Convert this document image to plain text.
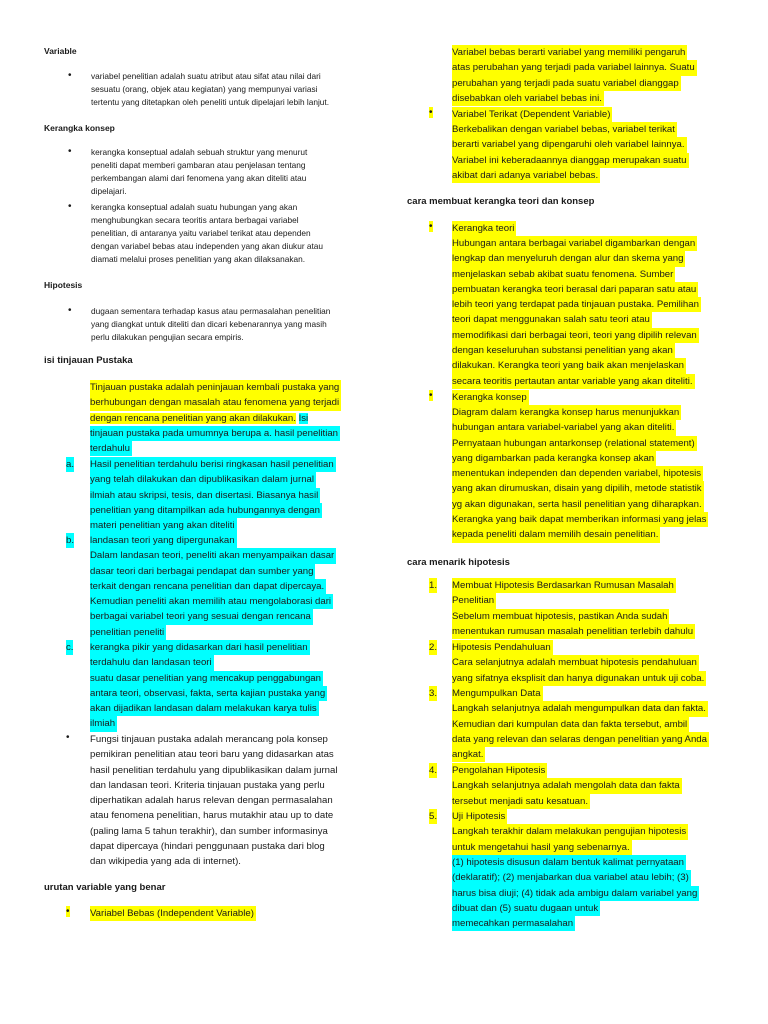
Variable
• variabel penelitian adalah suatu atribut atau sifat atau nilai dari
sesuatu (orang, objek atau kegiatan) yang mempunyai variasi
tertentu yang ditetapkan oleh peneliti untuk dipelajari lebih lanjut.
Kerangka konsep
• kerangka konseptual adalah sebuah struktur yang menurut
peneliti dapat memberi gambaran atau penjelasan tentang
perkembangan alami dari fenomena yang akan diteliti atau
dipelajari.
• kerangka konseptual adalah suatu hubungan yang akan
menghubungkan secara teoritis antara berbagai variabel
penelitian, di antaranya yaitu variabel terikat atau dependen
dengan variabel bebas atau independen yang akan diukur atau
diamati melalui proses penelitian yang akan dilaksanakan.
Hipotesis
• dugaan sementara terhadap kasus atau permasalahan penelitian
yang diangkat untuk diteliti dan dicari kebenarannya yang masih
perlu dilakukan pengujian secara empiris.
isi tinjauan Pustaka
Tinjauan pustaka adalah peninjauan kembali pustaka yang
berhubungan dengan masalah atau fenomena yang terjadi
dengan rencana penelitian yang akan dilakukan. Isi
tinjauan pustaka pada umumnya berupa a. hasil penelitian
terdahulu
a. Hasil penelitian terdahulu berisi ringkasan hasil penelitian
yang telah dilakukan dan dipublikasikan dalam jurnal
ilmiah atau skripsi, tesis, dan disertasi. Biasanya hasil
penelitian yang ditampilkan ada hubungannya dengan
materi penelitian yang akan diteliti
b. landasan teori yang dipergunakan
Dalam landasan teori, peneliti akan menyampaikan dasar
dasar teori dari berbagai pendapat dan sumber yang
terkait dengan rencana penelitian dan dapat dipercaya.
Kemudian peneliti akan memilih atau mengolaborasi dari
berbagai variabel teori yang sesuai dengan rencana
penelitian peneliti
c. kerangka pikir yang didasarkan dari hasil penelitian
terdahulu dan landasan teori
suatu dasar penelitian yang mencakup penggabungan
antara teori, observasi, fakta, serta kajian pustaka yang
akan dijadikan landasan dalam melakukan karya tulis
ilmiah
• Fungsi tinjauan pustaka adalah merancang pola konsep
pemikiran penelitian atau teori baru yang didasarkan atas
hasil penelitian terdahulu yang dipublikasikan dalam jurnal
dan landasan teori. Kriteria tinjauan pustaka yang perlu
diperhatikan adalah harus relevan dengan permasalahan
atau fenomena penelitian, harus mutakhir atau up to date
(paling lama 5 tahun terakhir), dan sumber informasinya
dapat dipercaya (hindari penggunaan pustaka dari blog
dan wikipedia yang ada di internet).
urutan variable yang benar
• Variabel Bebas (Independent Variable)
Variabel bebas berarti variabel yang memiliki pengaruh
atas perubahan yang terjadi pada variabel lainnya. Suatu
perubahan yang terjadi pada suatu variabel dianggap
disebabkan oleh variabel bebas ini.
• Variabel Terikat (Dependent Variable)
Berkebalikan dengan variabel bebas, variabel terikat
berarti variabel yang dipengaruhi oleh variabel lainnya.
Variabel ini keberadaannya dianggap merupakan suatu
akibat dari adanya variabel bebas.
cara membuat kerangka teori dan konsep
• Kerangka teori
Hubungan antara berbagai variabel digambarkan dengan
lengkap dan menyeluruh dengan alur dan skema yang
menjelaskan sebab akibat suatu fenomena. Sumber
pembuatan kerangka teori berasal dari paparan satu atau
lebih teori yang terdapat pada tinjauan pustaka. Pemilihan
teori dapat menggunakan salah satu teori atau
memodifikasi dari berbagai teori, teori yang dipilih relevan
dengan keseluruhan substansi penelitian yang akan
dilakukan. Kerangka teori yang baik akan menjelaskan
secara teoritis pertautan antar variable yang akan diteliti.
• Kerangka konsep
Diagram dalam kerangka konsep harus menunjukkan
hubungan antara variabel-variabel yang akan diteliti.
Pernyataan hubungan antarkonsep (relational statement)
yang digambarkan pada kerangka konsep akan
menentukan independen dan dependen variabel, hipotesis
yang akan dirumuskan, disain yang dipilih, metode statistik
yg akan digunakan, serta hasil penelitian yang diharapkan.
Kerangka yang baik dapat memberikan informasi yang jelas
kepada peneliti dalam memilih desain penelitian.
cara menarik hipotesis
1. Membuat Hipotesis Berdasarkan Rumusan Masalah
Penelitian
Sebelum membuat hipotesis, pastikan Anda sudah
menentukan rumusan masalah penelitian terlebih dahulu
2. Hipotesis Pendahuluan
Cara selanjutnya adalah membuat hipotesis pendahuluan
yang sifatnya eksplisit dan hanya digunakan untuk uji coba.
3. Mengumpulkan Data
Langkah selanjutnya adalah mengumpulkan data dan fakta.
Kemudian dari kumpulan data dan fakta tersebut, ambil
data yang relevan dan selaras dengan penelitian yang Anda
angkat.
4. Pengolahan Hipotesis
Langkah selanjutnya adalah mengolah data dan fakta
tersebut menjadi satu kesatuan.
5. Uji Hipotesis
Langkah terakhir dalam melakukan pengujian hipotesis
untuk mengetahui hasil yang sebenarnya.
(1) hipotesis disusun dalam bentuk kalimat pernyataan
(deklaratif); (2) menjabarkan dua variabel atau lebih; (3)
harus bisa diuji; (4) tidak ada ambigu dalam variabel yang
dibuat dan (5) suatu dugaan untuk
memecahkan permasalahan
